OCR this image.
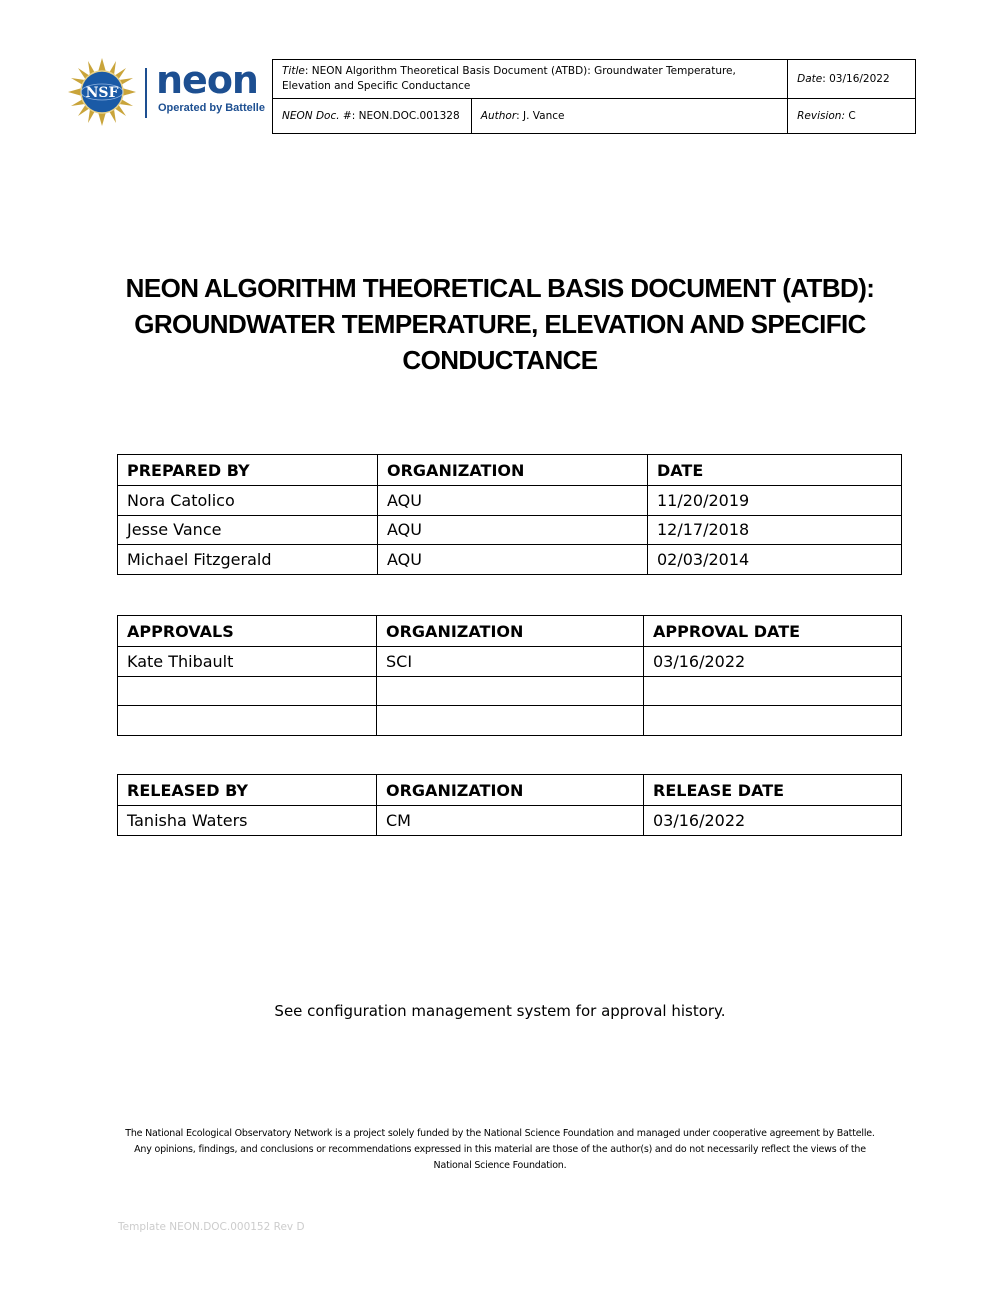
NSF neon
Operated by Battelle
Title: NEON Algorithm Theoretical Basis Document (ATBD): Groundwater Temperature, Elevation and Specific Conductance		Date: 03/16/2022
NEON Doc. #: NEON.DOC.001328	Author: J. Vance	Revision: C
NEON ALGORITHM THEORETICAL BASIS DOCUMENT (ATBD):
GROUNDWATER TEMPERATURE, ELEVATION AND SPECIFIC
CONDUCTANCE
PREPARED BY	ORGANIZATION	DATE
Nora Catolico	AQU	11/20/2019
Jesse Vance	AQU	12/17/2018
Michael Fitzgerald	AQU	02/03/2014
APPROVALS	ORGANIZATION	APPROVAL DATE
Kate Thibault	SCI	03/16/2022

RELEASED BY	ORGANIZATION	RELEASE DATE
Tanisha Waters	CM	03/16/2022
See configuration management system for approval history.
The National Ecological Observatory Network is a project solely funded by the National Science Foundation and managed under cooperative agreement by Battelle.
Any opinions, findings, and conclusions or recommendations expressed in this material are those of the author(s) and do not necessarily reflect the views of the
National Science Foundation.
Template NEON.DOC.000152 Rev D
